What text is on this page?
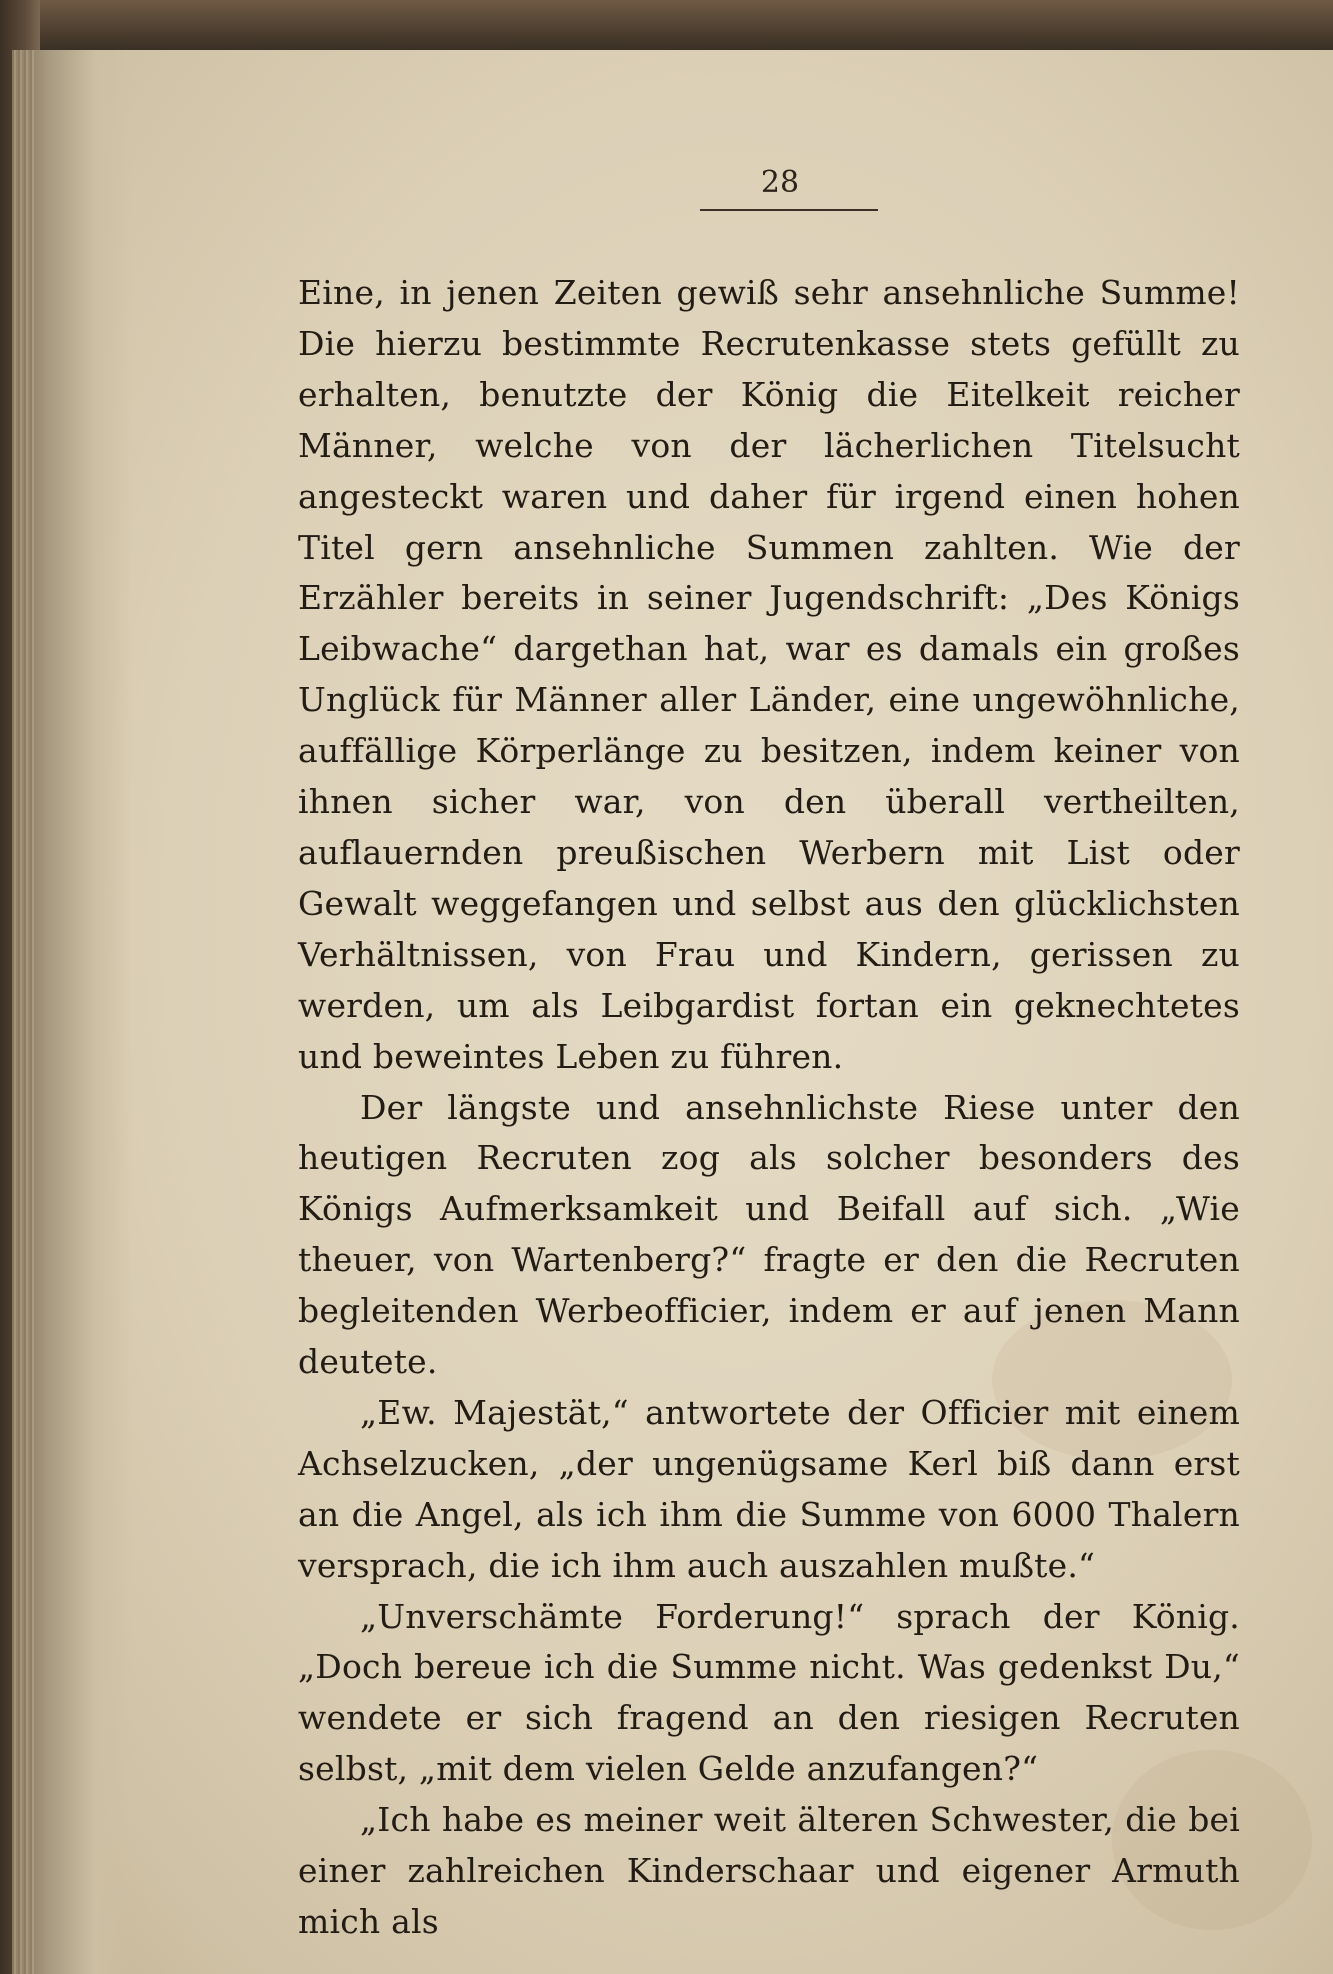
28

Eine, in jenen Zeiten gewiß sehr ansehnliche Summe! Die hierzu bestimmte Recrutenkasse stets gefüllt zu erhalten, benutzte der König die Eitelkeit reicher Männer, welche von der lächerlichen Titelsucht angesteckt waren und daher für irgend einen hohen Titel gern ansehnliche Summen zahlten. Wie der Erzähler bereits in seiner Jugendschrift: „Des Königs Leibwache“ dargethan hat, war es damals ein großes Unglück für Männer aller Länder, eine ungewöhnliche, auffällige Körperlänge zu besitzen, indem keiner von ihnen sicher war, von den überall vertheilten, auflauernden preußischen Werbern mit List oder Gewalt weggefangen und selbst aus den glücklichsten Verhältnissen, von Frau und Kindern, gerissen zu werden, um als Leibgardist fortan ein geknechtetes und beweintes Leben zu führen.

Der längste und ansehnlichste Riese unter den heutigen Recruten zog als solcher besonders des Königs Aufmerksamkeit und Beifall auf sich. „Wie theuer, von Wartenberg?“ fragte er den die Recruten begleitenden Werbeofficier, indem er auf jenen Mann deutete.

„Ew. Majestät,“ antwortete der Officier mit einem Achselzucken, „der ungenügsame Kerl biß dann erst an die Angel, als ich ihm die Summe von 6000 Thalern versprach, die ich ihm auch auszahlen mußte.“

„Unverschämte Forderung!“ sprach der König. „Doch bereue ich die Summe nicht. Was gedenkst Du,“ wendete er sich fragend an den riesigen Recruten selbst, „mit dem vielen Gelde anzufangen?“

„Ich habe es meiner weit älteren Schwester, die bei einer zahlreichen Kinderschaar und eigener Armuth mich als
